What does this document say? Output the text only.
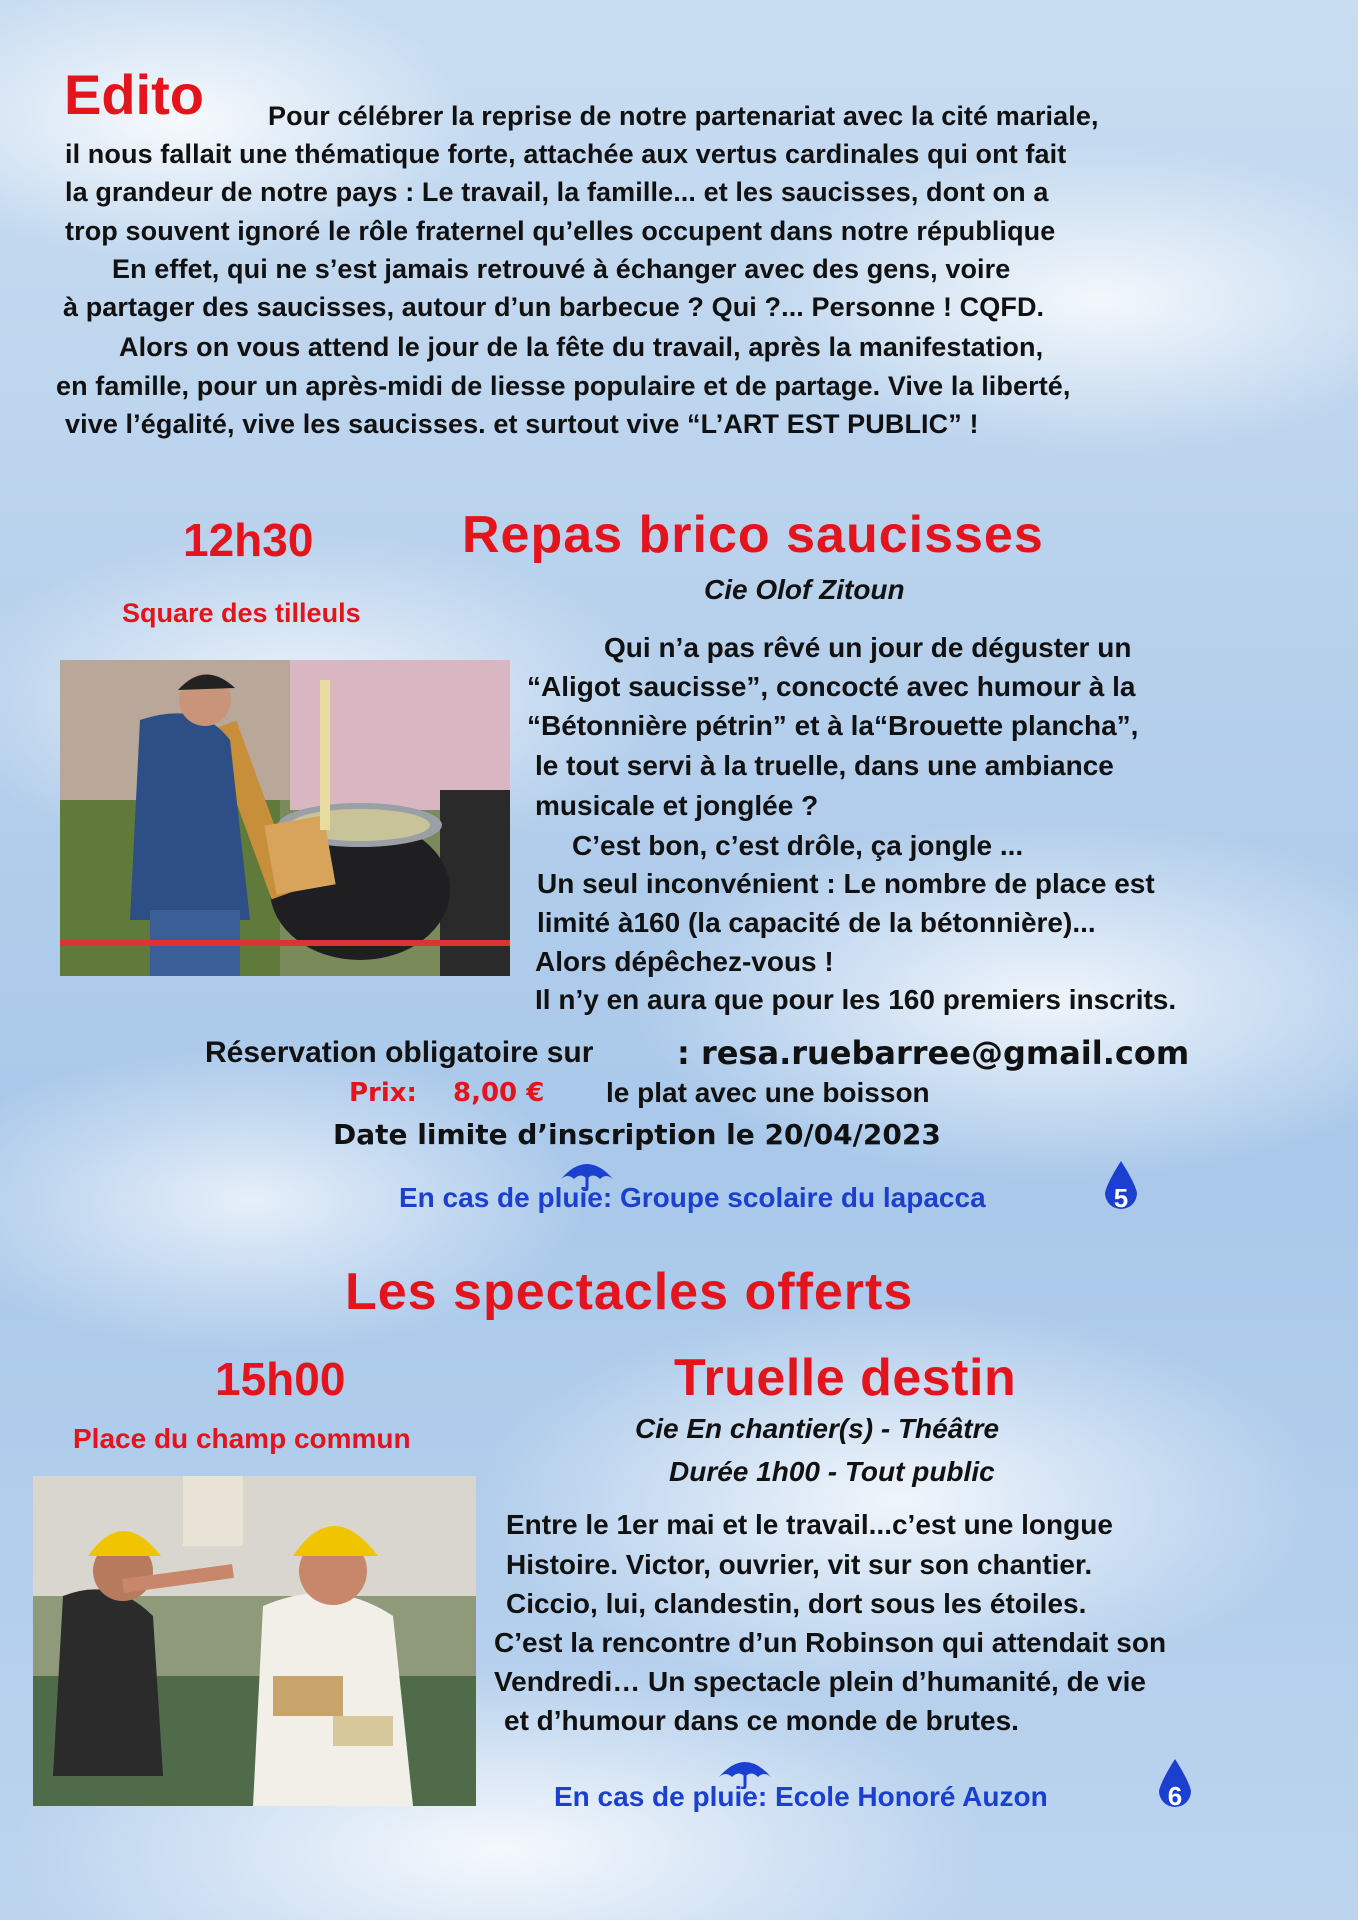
Edito Pour célébrer la reprise de notre partenariat avec la cité mariale,
il nous fallait une thématique forte, attachée aux vertus cardinales qui ont fait
la grandeur de notre pays : Le travail, la famille... et les saucisses, dont on a
trop souvent ignoré le rôle fraternel qu’elles occupent dans notre république
En effet, qui ne s’est jamais retrouvé à échanger avec des gens, voire
à partager des saucisses, autour d’un barbecue ? Qui ?... Personne ! CQFD.
Alors on vous attend le jour de la fête du travail, après la manifestation,
en famille, pour un après-midi de liesse populaire et de partage. Vive la liberté,
vive l’égalité, vive les saucisses. et surtout vive “L’ART EST PUBLIC” !
12h30
Square des tilleuls
Repas brico saucisses
Cie Olof Zitoun
Qui n’a pas rêvé un jour de déguster un
“Aligot saucisse”, concocté avec humour à la
“Bétonnière pétrin” et à la“Brouette plancha”,
le tout servi à la truelle, dans une ambiance
musicale et jonglée ?
C’est bon, c’est drôle, ça jongle ...
Un seul inconvénient : Le nombre de place est
limité à160 (la capacité de la bétonnière)...
Alors dépêchez-vous !
Il n’y en aura que pour les 160 premiers inscrits.
Réservation obligatoire sur	: resa.ruebarree@gmail.com
Prix: 8,00 € le plat avec une boisson
Date limite d’inscription le 20/04/2023
En cas de pluie: Groupe scolaire du lapacca	5
Les spectacles offerts
15h00
Place du champ commun
Truelle destin
Cie En chantier(s) - Théâtre
Durée 1h00 - Tout public
Entre le 1er mai et le travail...c’est une longue
Histoire. Victor, ouvrier, vit sur son chantier.
Ciccio, lui, clandestin, dort sous les étoiles.
C’est la rencontre d’un Robinson qui attendait son
Vendredi… Un spectacle plein d’humanité, de vie
et d’humour dans ce monde de brutes.
En cas de pluie: Ecole Honoré Auzon	6
